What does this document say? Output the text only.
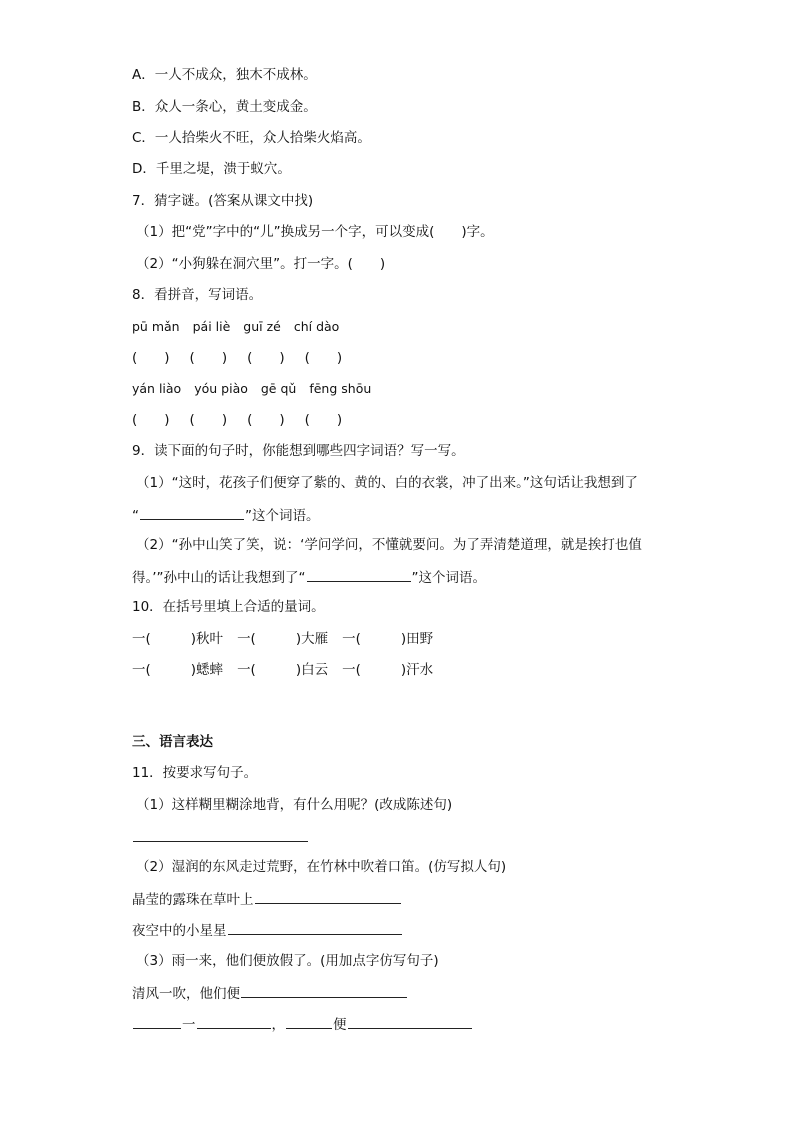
A．一人不成众，独木不成林。
B．众人一条心，黄土变成金。
C．一人拾柴火不旺，众人拾柴火焰高。
D．千里之堤，溃于蚁穴。
7．猜字谜。(答案从课文中找)
（1）把“党”字中的“儿”换成另一个字，可以变成(　　)字。
（2）“小狗躲在洞穴里”。打一字。(　　)
8．看拼音，写词语。
pū mǎn pái liè guī zé chí dào
(　　) (　　) (　　) (　　)
yán liào yóu piào gē qǔ fēng shōu
(　　) (　　) (　　) (　　)
9．读下面的句子时，你能想到哪些四字词语？写一写。
（1）“这时，花孩子们便穿了紫的、黄的、白的衣裳，冲了出来。”这句话让我想到了
“	”这个词语。
（2）“孙中山笑了笑，说：‘学问学问，不懂就要问。为了弄清楚道理，就是挨打也值
得。’”孙中山的话让我想到了“	”这个词语。
10．在括号里填上合适的量词。
一(	)秋叶 一(	)大雁 一(	)田野
一(	)蟋蟀 一(	)白云 一(	)汗水
三、语言表达
11．按要求写句子。
（1）这样糊里糊涂地背，有什么用呢？(改成陈述句)
（2）湿润的东风走过荒野，在竹林中吹着口笛。(仿写拟人句)
晶莹的露珠在草叶上
夜空中的小星星
（3）雨一来，他们便放假了。(用加点字仿写句子)
清风一吹，他们便
一	，	便
